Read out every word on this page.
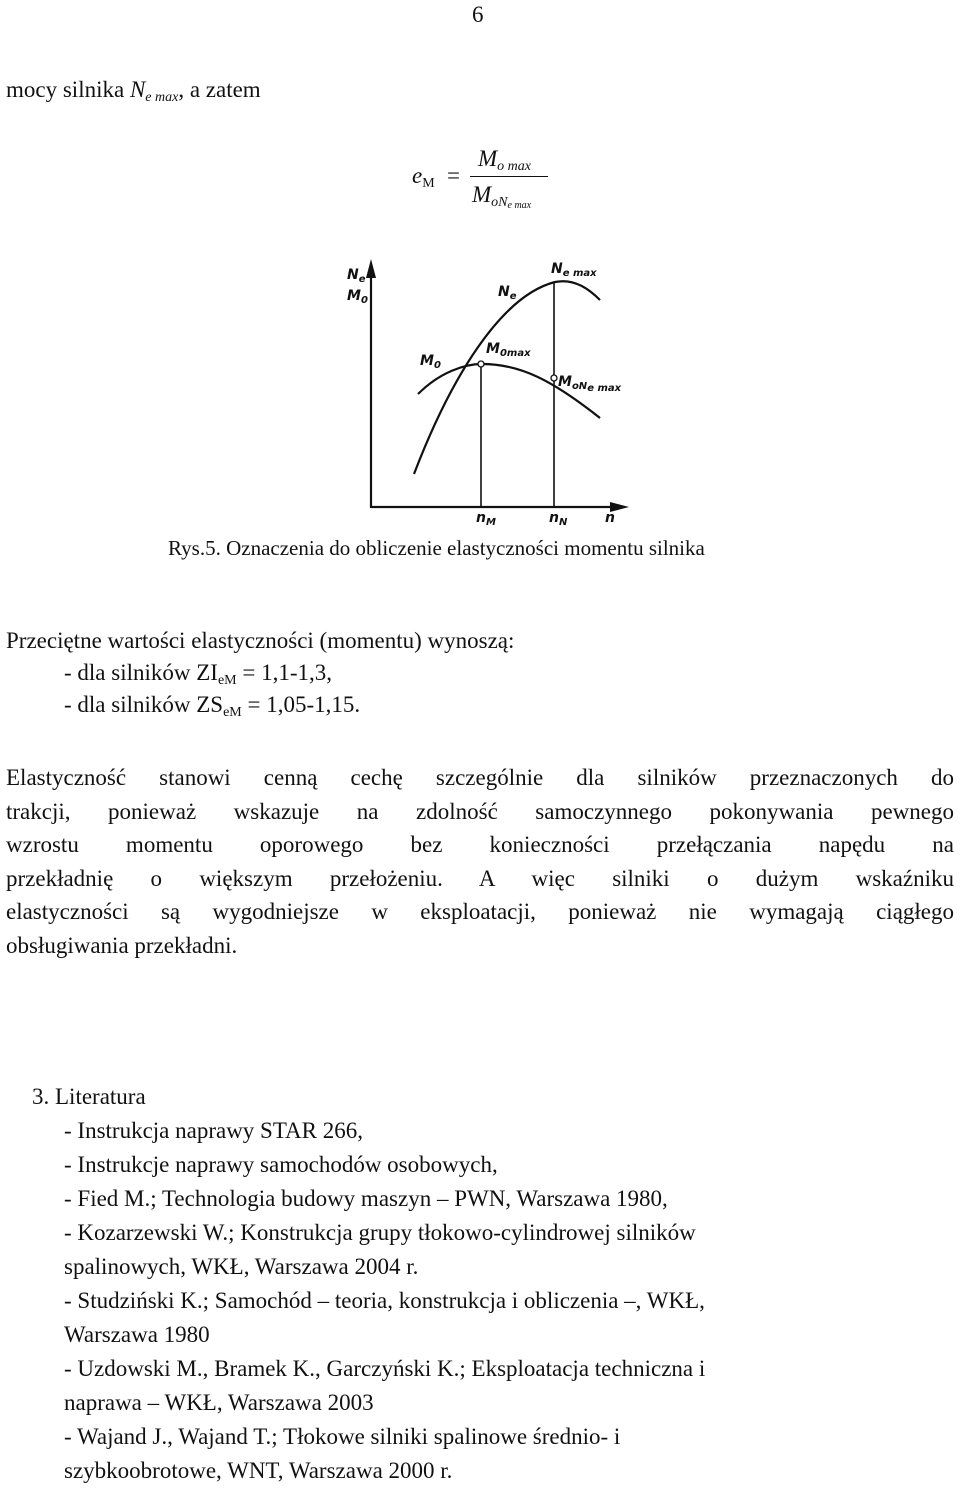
6
mocy silnika $N_{e max}$, a zatem
$e_M$ =
$M_{o max}$
$M_{oNe max}$
$N_e$
$M_0$
$N_{e max}$
$N_e$
$M_0$
$M_{0max}$
$M_{oN}e$ max
$n_M$	$n_N$	n
Rys.5. Oznaczenia do obliczenie elastyczności momentu silnika
Przeciętne wartości elastyczności (momentu) wynoszą:
- dla silników $ZI_{eM} = 1,1-1,3$,
- dla silników $ZS_{eM} = 1,05-1,15$.
Elastyczność stanowi cenną cechę szczególnie dla silników przeznaczonych do
trakcji, ponieważ wskazuje na zdolność samoczynnego pokonywania pewnego
wzrostu momentu oporowego bez konieczności przełączania napędu na
przekładnię o większym przełożeniu. A więc silniki o dużym wskaźniku
elastyczności są wygodniejsze w eksploatacji, ponieważ nie wymagają ciągłego
obsługiwania przekładni.
3. Literatura
- Instrukcja naprawy STAR 266,
- Instrukcje naprawy samochodów osobowych,
- Fied M.; Technologia budowy maszyn – PWN, Warszawa 1980,
- Kozarzewski W.; Konstrukcja grupy tłokowo-cylindrowej silników
spalinowych, WKŁ, Warszawa 2004 r.
- Studziński K.; Samochód – teoria, konstrukcja i obliczenia –, WKŁ,
Warszawa 1980
- Uzdowski M., Bramek K., Garczyński K.; Eksploatacja techniczna i
naprawa – WKŁ, Warszawa 2003
- Wajand J., Wajand T.; Tłokowe silniki spalinowe średnio- i
szybkoobrotowe, WNT, Warszawa 2000 r.
